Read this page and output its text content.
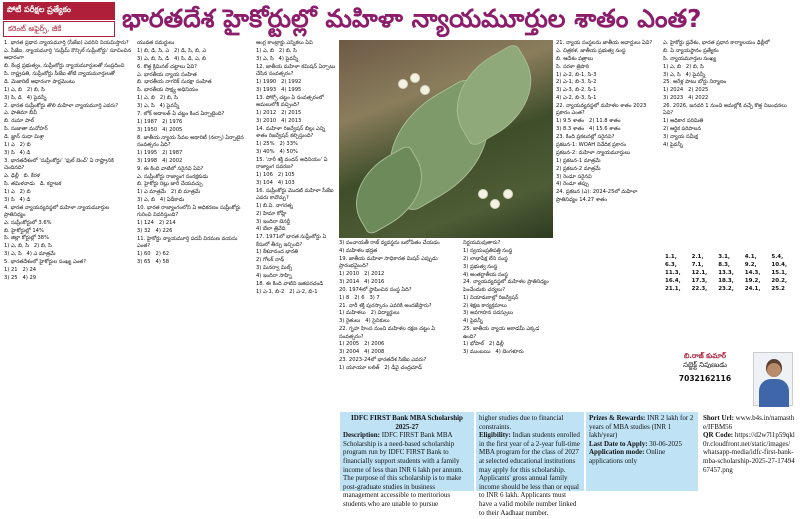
పోటీ పరీక్షల ప్రత్యేకం
కరెంట్ అఫైర్స్, జీకే	భారతదేశ హైకోర్టుల్లో మహిళా న్యాయమూర్తుల శాతం ఎంత?

1. భారత ప్రధాన న్యాయమూర్తి (సీజేఐ) ఎవరిని నియమిస్తారు?

ఎ. సీజేఐ, న్యాయమూర్తి 'సుప్రీమ్ కౌన్సిల్ సుప్రీంకోర్టు' సూచించిన ఆధారంగా

బి. కేంద్ర ప్రభుత్వం, సుప్రీంకోర్టు న్యాయమూర్తులతో సంప్రదించి

సి. రాష్ట్రపతి, సుప్రీంకోర్టు సీజేఐ తోటి న్యాయమూర్తులతో

డి. మెజారిటీ ఆధారంగా పార్లమెంటు

1) ఎ, బి   2) బి, సి

3) సి, డి   4) పైవన్నీ

2. భారత సుప్రీంకోర్టు తొలి మహిళా న్యాయమూర్తి ఎవరు?

ఎ. ఫాతిమా బీవీ

బి. రుమా పాల్

సి. సుజాతా మనోహర్

డి. జ్ఞాన్ సుధా మిశ్రా

1) ఎ   2) బి

3) సి   4) డి

3. భారతదేశంలో 'సుప్రీంకోర్టు' 'ఫుల్ బెంచ్' ఏ రాష్ట్రానికి చెందినది?

ఎ. ఢిల్లీ   బి. కేరళ

సి. తమిళనాడు   డి. కర్ణాటక

1) ఎ   2) బి

3) సి   4) డి

4. భారత న్యాయవ్యవస్థలో మహిళా న్యాయమూర్తుల ప్రాతినిధ్యం

ఎ. సుప్రీంకోర్టులో 3.6%

బి. హైకోర్టుల్లో 14%

సి. జిల్లా కోర్టుల్లో 38%

1) ఎ, బి, సి   2) బి, సి

3) ఎ, సి   4) ఎ మాత్రమే

5. భారతదేశంలో హైకోర్టుల సంఖ్య ఎంత?

1) 21   2) 24

3) 25   4) 29

యువత సమర్థులు

1) బి, డి, సి, ఎ   2) డి, సి, బి, ఎ

3) ఎ, బి, సి, డి   4) సి, డి, ఎ, బి

6. కొత్త క్రిమినల్ చట్టాలు ఏవి?

ఎ. భారతీయ న్యాయ సంహిత

బి. భారతీయ నాగరిక్ సురక్షా సంహిత

సి. భారతీయ సాక్ష్య అధినియం

1) ఎ, బి   2) బి, సి

3) ఎ, సి   4) పైవన్నీ

7. లోక్ అదాలత్ ఏ చట్టం కింద ఏర్పాటైంది?

1) 1987   2) 1976

3) 1950   4) 2005

8. జాతీయ న్యాయ సేవల అథారిటీ (నల్సా) ఏర్పాటైన సంవత్సరం ఏది?

1) 1995   2) 1987

3) 1998   4) 2002

9. ఈ కింది వాటిలో సరైనవి ఏవి?

ఎ. సుప్రీంకోర్టు రాజ్యాంగ సంరక్షకుడు

బి. హైకోర్టు రిట్లు జారీ చేయవచ్చు

1) ఎ మాత్రమే   2) బి మాత్రమే

3) ఎ, బి   4) ఏదీకాదు

10. భారత రాజ్యాంగంలోని ఏ అధికరణం సుప్రీంకోర్టు గురించి వివరిస్తుంది?

1) 124   2) 214

3) 32   4) 226

11. హైకోర్టు న్యాయమూర్తి పదవీ విరమణ వయసు ఎంత?

1) 60   2) 62

3) 65   4) 58

ఆంగ్ల కాంట్రాక్టు ఎన్నికలు ఏవి

1) ఎ, బి   2) బి, సి

3) ఎ, సి   4) పైవన్నీ

12. జాతీయ మహిళా కమిషన్ ఏర్పాటు చేసిన సంవత్సరం?

1) 1990   2) 1992

3) 1993   4) 1995

13. పోక్సో చట్టం ఏ సంవత్సరంలో అమలులోకి వచ్చింది?

1) 2012   2) 2015

3) 2010   4) 2013

14. మహిళా రిజర్వేషన్ బిల్లు ఎన్ని శాతం రిజర్వేషన్ కల్పిస్తుంది?

1) 25%   2) 33%

3) 40%   4) 50%

15. 'నారీ శక్తి వందన్ అధినియం' ఏ రాజ్యాంగ సవరణ?

1) 106   2) 105

3) 104   4) 103

16. సుప్రీంకోర్టు మొదటి మహిళా సీజేఐ ఎవరు కావొచ్చు?

1) బి.వి. నాగరత్న

2) హిమా కోహ్లీ

3) ఇందిరా బెనర్జీ

4) బేలా త్రివేది

17. 1971లో భారత సుప్రీంకోర్టు ఏ కేసులో తీర్పు ఇచ్చింది?

1) కేశవానంద భారతి

2) గోలక్ నాథ్

3) మినర్వా మిల్స్

4) ఇందిరా సాహ్ని

18. ఈ కింది వాటిని జతపరచండి

1) ఎ-1, బి-2   2) ఎ-2, బి-1

3) పంచాయతీ రాజ్ వ్యవస్థను బలోపేతం చేయడం

4) మహిళల భద్రత

19. జాతీయ మహిళా సాధికారత మిషన్ ఎప్పుడు ప్రారంభమైంది?

1) 2010   2) 2012

3) 2014   4) 2016

20. 1974లో స్థాపించిన సంస్థ ఏది?

1) 8   2) 6   3) 7

21. నారీ శక్తి పురస్కారం ఎవరికి అందజేస్తారు?

1) మహిళలు   2) విద్యార్థులు

3) రైతులు   4) సైనికులు

22. గృహ హింస నుంచి మహిళల రక్షణ చట్టం ఏ సంవత్సరం?

1) 2005   2) 2006

3) 2004   4) 2008

23. 2023-24లో భారతదేశ సిజేఐ ఎవరు?

1) యూయూ లలిత్   2) డీవై చంద్రచూడ్

నిర్ణయమవుతారు?

1) స్వయంప్రతిపత్తి సంస్థ

2) లాభాపేక్ష లేని సంస్థ

3) ప్రభుత్వ సంస్థ

4) అంతర్జాతీయ సంస్థ

24. న్యాయవ్యవస్థలో మహిళల ప్రాతినిధ్యం పెంచేందుకు చర్యలు?

1) నియామకాల్లో రిజర్వేషన్

2) శిక్షణ కార్యక్రమాలు

3) అవగాహన సదస్సులు

4) పైవన్నీ

25. జాతీయ న్యాయ అకాడమీ ఎక్కడ ఉంది?

1) భోపాల్   2) ఢిల్లీ

3) ముంబయి   4) బెంగళూరు

21. న్యాయ సంస్థలను జాతీయ అవార్డులు ఏవి?

ఎ. చిత్రకళ, జాతీయ ప్రభుత్వ సంస్థ

బి. ఆదేశం పత్రాలు

సి. సరళా త్రిపాఠి

1) ఎ-2, బి-1, సి-3

2) ఎ-1, బి-3, సి-2

3) ఎ-3, బి-2, సి-1

4) ఎ-2, బి-3, సి-1

22. న్యాయవ్యవస్థలో మహిళల శాతం 2023 ప్రకారం ఎంత?

1) 9.5 శాతం   2) 11.8 శాతం

3) 8.3 శాతం   4) 15.6 శాతం

23. కింది ప్రకటనల్లో సరైనవి?

ప్రకటన-1: WOAH నివేదిక ప్రకారం

ప్రకటన-2: మహిళా న్యాయమూర్తులు

1) ప్రకటన-1 మాత్రమే

2) ప్రకటన-2 మాత్రమే

3) రెండూ సరైనవి

4) రెండూ తప్పు

24. ప్రకటన (ఎ): 2024-25లో మహిళా ప్రాతినిధ్యం 14.27 శాతం

ఎ. హైకోర్టు ప్రవేశం, భారత ప్రధాన కార్యాలయం ఢిల్లీలో

బి. ఏ న్యాయస్థానం ప్రత్యేకం

సి. న్యాయమూర్తుల సంఖ్య

1) ఎ, బి   2) బి, సి

3) ఎ, సి   4) పైవన్నీ

25. ఆరేళ్ల పాటు బోర్డు నిర్మాణం

1) 2024   2) 2025

3) 2023   4) 2022

26. 2026, జనవరి 1 నుంచి అమల్లోకి వచ్చే కొత్త నిబంధనలు ఏవి?

1) అధికార పరిమితి

2) ఆర్థిక పరిపాలన

3) న్యాయ సమీక్ష

4) పైవన్నీ

1.1,	2.1,	3.1,	4.1,	5.4,
6.3,	7.1,	8.3,	9.2,	10.4,
11.3,	12.1,	13.3,	14.3,	15.1,
16.4,	17.3,	18.3,	19.2,	20.2,
21.1,	22.3,	23.2,	24.1,	25.2
బి.రాజ్ కుమార్
సబ్జెక్ట్ నిపుణుడు
7032162116
IDFC FIRST Bank MBA Scholarship 2025-27
Description: IDFC FIRST Bank MBA Scholarship is a need-based scholarship program run by IDFC FIRST Bank to financially support students with a family income of less than INR 6 lakh per annum. The purpose of this scholarship is to make post-graduate studies in business management accessible to meritorious students who are unable to pursue
higher studies due to financial constraints.
Eligibility: Indian students enrolled in the first year of a 2-year full-time MBA program for the class of 2027 at selected educational institutions may apply for this scholarship. Applicants' gross annual family income should be less than or equal to INR 6 lakh. Applicants must have a valid mobile number linked to their Aadhaar number.
Prizes & Rewards: INR 2 lakh for 2 years of MBA studies (INR 1 lakh/year)
Last Date to Apply: 30-06-2025
Application mode: Online applications only
Short Url: www.b4s.in/namasthe/IFBM56
QR Code: https://d2w7l1p59qkl0r.cloudfront.net/static/images/whatsapp-media/idfc-first-bank-mba-scholarship-2025-27-1749467457.png
